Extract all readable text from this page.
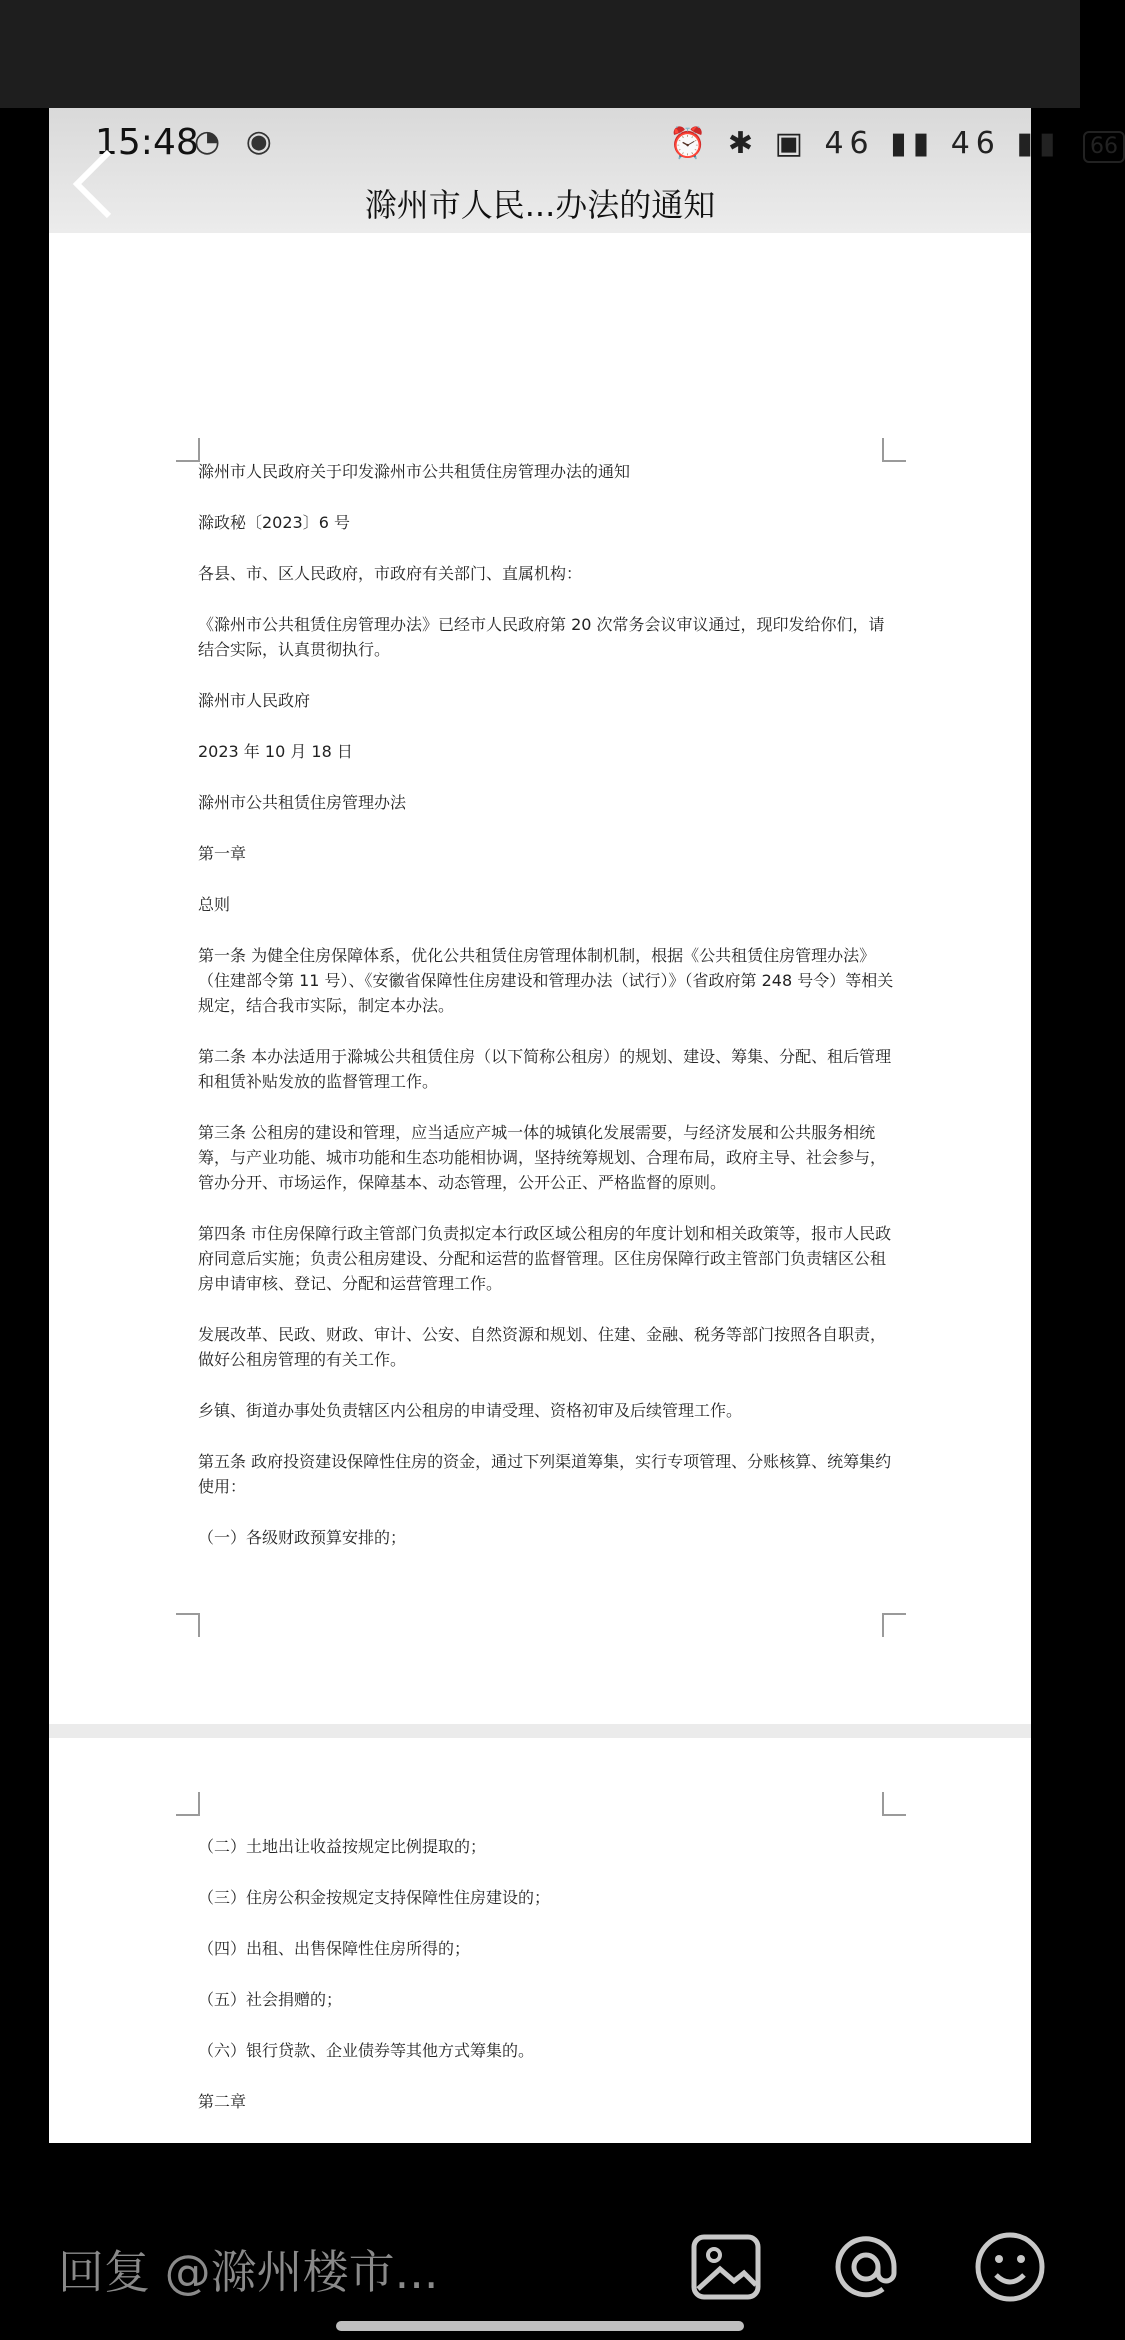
15:48
◔ ◉	⏰ ✱ ▣ 46 ▮▮ 46 ▮▮ 66
滁州市人民...办法的通知

滁州市人民政府关于印发滁州市公共租赁住房管理办法的通知

滁政秘〔2023〕6 号

各县、市、区人民政府，市政府有关部门、直属机构：

《滁州市公共租赁住房管理办法》已经市人民政府第 20 次常务会议审议通过，现印发给你们，请结合实际，认真贯彻执行。

滁州市人民政府

2023 年 10 月 18 日

滁州市公共租赁住房管理办法

第一章

总则

第一条 为健全住房保障体系，优化公共租赁住房管理体制机制，根据《公共租赁住房管理办法》（住建部令第 11 号）、《安徽省保障性住房建设和管理办法（试行）》（省政府第 248 号令）等相关规定，结合我市实际，制定本办法。

第二条 本办法适用于滁城公共租赁住房（以下简称公租房）的规划、建设、筹集、分配、租后管理和租赁补贴发放的监督管理工作。

第三条 公租房的建设和管理，应当适应产城一体的城镇化发展需要，与经济发展和公共服务相统筹，与产业功能、城市功能和生态功能相协调，坚持统筹规划、合理布局，政府主导、社会参与，管办分开、市场运作，保障基本、动态管理，公开公正、严格监督的原则。

第四条 市住房保障行政主管部门负责拟定本行政区域公租房的年度计划和相关政策等，报市人民政府同意后实施；负责公租房建设、分配和运营的监督管理。区住房保障行政主管部门负责辖区公租房申请审核、登记、分配和运营管理工作。

发展改革、民政、财政、审计、公安、自然资源和规划、住建、金融、税务等部门按照各自职责，做好公租房管理的有关工作。

乡镇、街道办事处负责辖区内公租房的申请受理、资格初审及后续管理工作。

第五条 政府投资建设保障性住房的资金，通过下列渠道筹集，实行专项管理、分账核算、统筹集约使用：

（一）各级财政预算安排的；

（二）土地出让收益按规定比例提取的；

（三）住房公积金按规定支持保障性住房建设的；

（四）出租、出售保障性住房所得的；

（五）社会捐赠的；

（六）银行贷款、企业债券等其他方式筹集的。

第二章

回复 @滁州楼市...
